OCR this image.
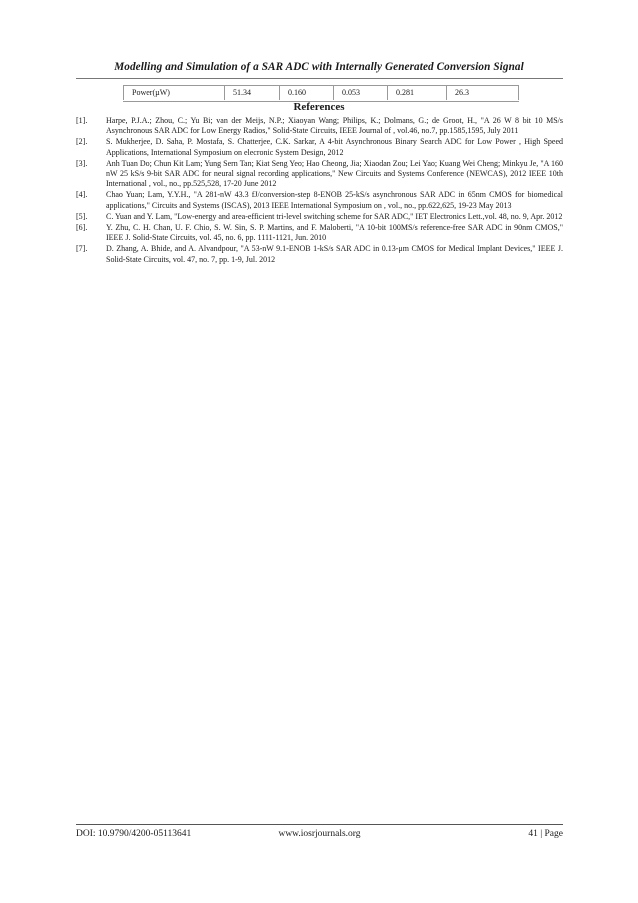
Modelling and Simulation of a SAR ADC with Internally Generated Conversion Signal
Power(µW)	51.34	0.160	0.053	0.281	26.3
References
[1].	Harpe, P.J.A.; Zhou, C.; Yu Bi; van der Meijs, N.P.; Xiaoyan Wang; Philips, K.; Dolmans, G.; de Groot, H., "A 26 W 8 bit 10 MS/s Asynchronous SAR ADC for Low Energy Radios," Solid-State Circuits, IEEE Journal of , vol.46, no.7, pp.1585,1595, July 2011
[2].	S. Mukherjee, D. Saha, P. Mostafa, S. Chatterjee, C.K. Sarkar, A 4-bit Asynchronous Binary Search ADC for Low Power , High Speed Applications, International Symposium on elecronic System Design, 2012
[3].	Anh Tuan Do; Chun Kit Lam; Yung Sern Tan; Kiat Seng Yeo; Hao Cheong, Jia; Xiaodan Zou; Lei Yao; Kuang Wei Cheng; Minkyu Je, "A 160 nW 25 kS/s 9-bit SAR ADC for neural signal recording applications," New Circuits and Systems Conference (NEWCAS), 2012 IEEE 10th International , vol., no., pp.525,528, 17-20 June 2012
[4].	Chao Yuan; Lam, Y.Y.H., "A 281-nW 43.3 fJ/conversion-step 8-ENOB 25-kS/s asynchronous SAR ADC in 65nm CMOS for biomedical applications," Circuits and Systems (ISCAS), 2013 IEEE International Symposium on , vol., no., pp.622,625, 19-23 May 2013
[5].	C. Yuan and Y. Lam, "Low-energy and area-efficient tri-level switching scheme for SAR ADC," IET Electronics Lett.,vol. 48, no. 9, Apr. 2012
[6].	Y. Zhu, C. H. Chan, U. F. Chio, S. W. Sin, S. P. Martins, and F. Maloberti, "A 10-bit 100MS/s reference-free SAR ADC in 90nm CMOS," IEEE J. Solid-State Circuits, vol. 45, no. 6, pp. 1111-1121, Jun. 2010
[7].	D. Zhang, A. Bhide, and A. Alvandpour, "A 53-nW 9.1-ENOB 1-kS/s SAR ADC in 0.13-μm CMOS for Medical Implant Devices," IEEE J. Solid-State Circuits, vol. 47, no. 7, pp. 1-9, Jul. 2012
DOI: 10.9790/4200-05113641	www.iosrjournals.org	41 | Page
